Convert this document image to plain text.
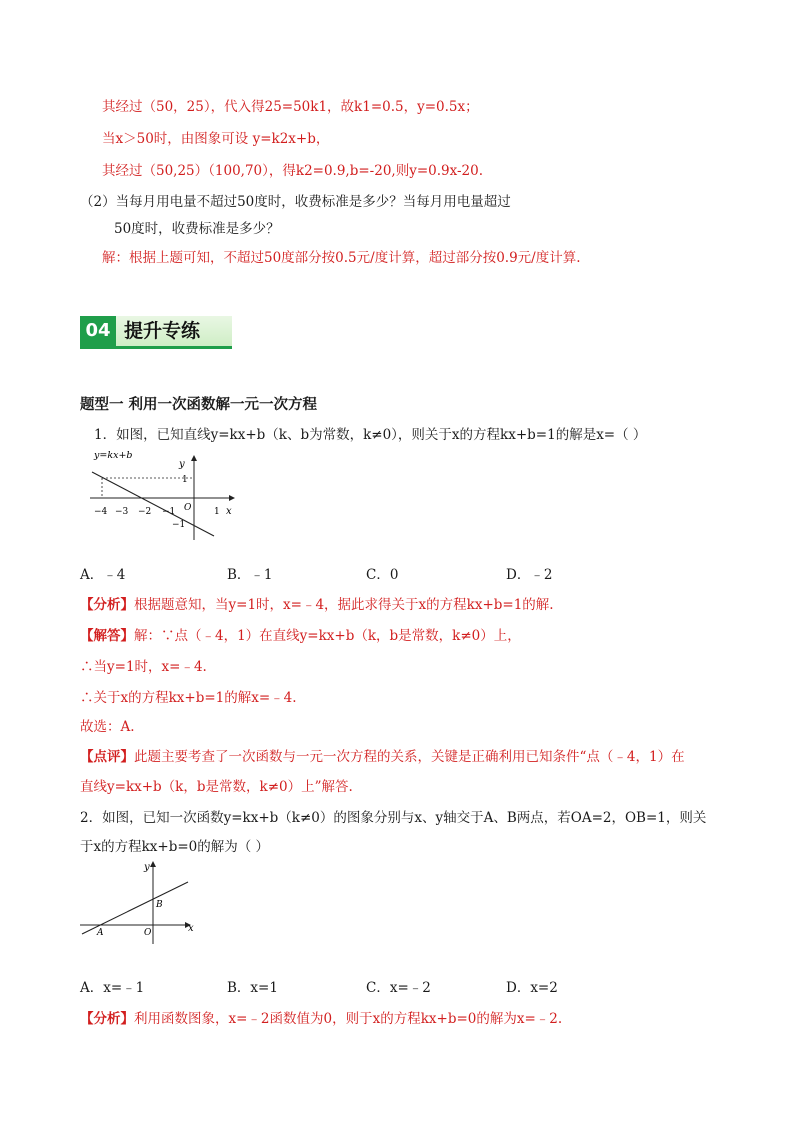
其经过（50，25），代入得25=50k1，故k1=0.5，y=0.5x；
当x＞50时，由图象可设 y=k2x+b，
其经过（50,25）（100,70），得k2=0.9,b=-20,则y=0.9x-20.
（2）当每月用电量不超过50度时，收费标准是多少？当每月用电量超过
50度时，收费标准是多少？
解：根据上题可知，不超过50度部分按0.5元/度计算，超过部分按0.9元/度计算.
04 提升专练
题型一 利用一次函数解一元一次方程
1．如图，已知直线y=kx+b（k、b为常数，k≠0），则关于x的方程kx+b=1的解是x=（ ）
y=kx+b
y
x
O
−4 −3 −2 −1	1
1
−1
A．﹣4	B．﹣1	C．0	D．﹣2
【分析】根据题意知，当y=1时，x=﹣4，据此求得关于x的方程kx+b=1的解.
【解答】解：∵点（﹣4，1）在直线y=kx+b（k，b是常数，k≠0）上，
∴当y=1时，x=﹣4.
∴关于x的方程kx+b=1的解x=﹣4.
故选：A.
【点评】此题主要考查了一次函数与一元一次方程的关系，关键是正确利用已知条件“点（﹣4，1）在
直线y=kx+b（k，b是常数，k≠0）上”解答.
2．如图，已知一次函数y=kx+b（k≠0）的图象分别与x、y轴交于A、B两点，若OA=2，OB=1，则关
于x的方程kx+b=0的解为（ ）
y
x
O
A
B
A．x=﹣1	B．x=1	C．x=﹣2	D．x=2
【分析】利用函数图象，x=﹣2函数值为0，则于x的方程kx+b=0的解为x=﹣2.
